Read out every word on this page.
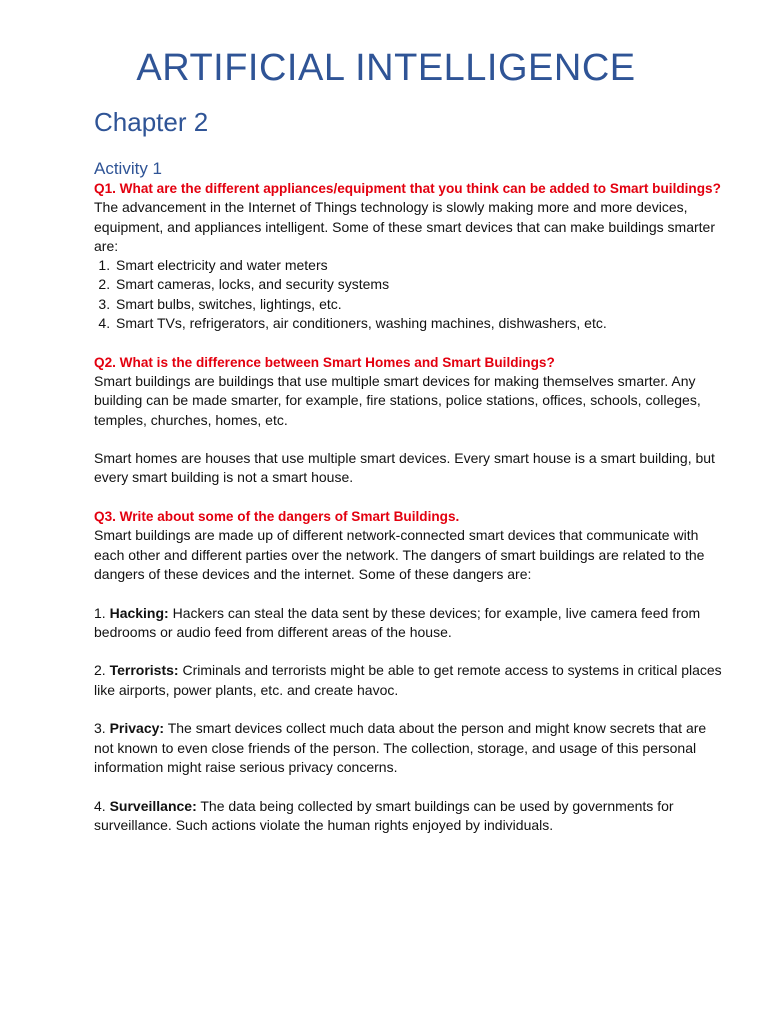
ARTIFICIAL INTELLIGENCE
Chapter 2
Activity 1

Q1. What are the different appliances/equipment that you think can be added to Smart buildings?

The advancement in the Internet of Things technology is slowly making more and more devices, equipment, and appliances intelligent. Some of these smart devices that can make buildings smarter are:

1. Smart electricity and water meters
2. Smart cameras, locks, and security systems
3. Smart bulbs, switches, lightings, etc.
4. Smart TVs, refrigerators, air conditioners, washing machines, dishwashers, etc.

Q2. What is the difference between Smart Homes and Smart Buildings?

Smart buildings are buildings that use multiple smart devices for making themselves smarter. Any building can be made smarter, for example, fire stations, police stations, offices, schools, colleges, temples, churches, homes, etc.

Smart homes are houses that use multiple smart devices. Every smart house is a smart building, but every smart building is not a smart house.

Q3. Write about some of the dangers of Smart Buildings.

Smart buildings are made up of different network-connected smart devices that communicate with each other and different parties over the network. The dangers of smart buildings are related to the dangers of these devices and the internet. Some of these dangers are:

1. Hacking: Hackers can steal the data sent by these devices; for example, live camera feed from bedrooms or audio feed from different areas of the house.

2. Terrorists: Criminals and terrorists might be able to get remote access to systems in critical places like airports, power plants, etc. and create havoc.

3. Privacy: The smart devices collect much data about the person and might know secrets that are not known to even close friends of the person. The collection, storage, and usage of this personal information might raise serious privacy concerns.

4. Surveillance: The data being collected by smart buildings can be used by governments for surveillance. Such actions violate the human rights enjoyed by individuals.
